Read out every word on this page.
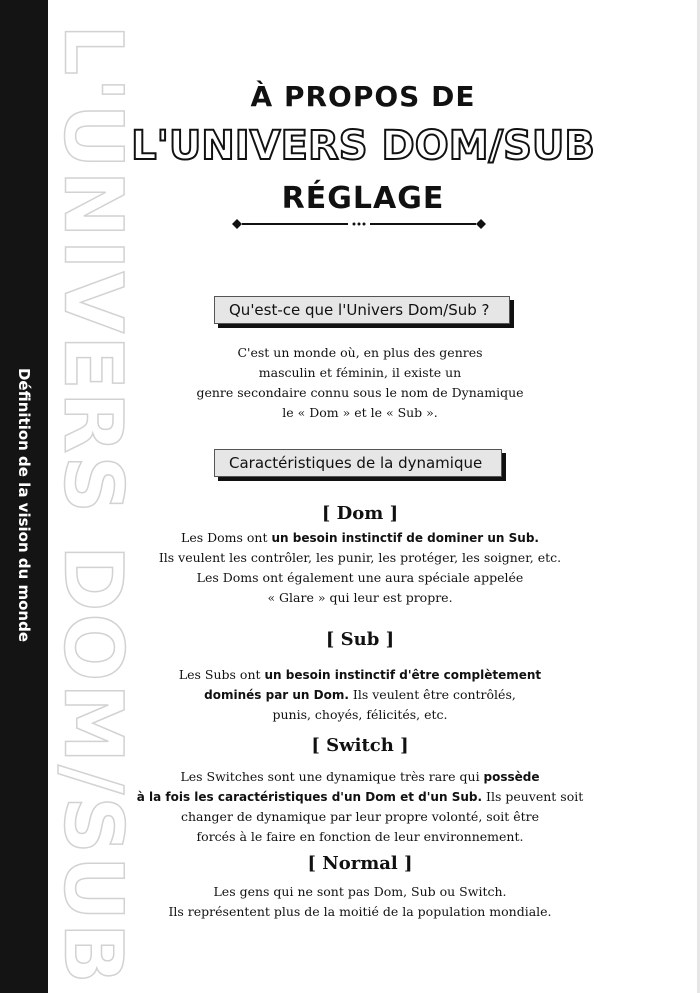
Définition de la vision du monde L'UNIVERS DOM/SUB	À PROPOS DE
L'UNIVERS DOM/SUB
RÉGLAGE
Qu'est-ce que l'Univers Dom/Sub ?
C'est un monde où, en plus des genres
masculin et féminin, il existe un
genre secondaire connu sous le nom de Dynamique
le « Dom » et le « Sub ».
Caractéristiques de la dynamique
[ Dom ]
Les Doms ont un besoin instinctif de dominer un Sub.
Ils veulent les contrôler, les punir, les protéger, les soigner, etc.
Les Doms ont également une aura spéciale appelée
« Glare » qui leur est propre.
[ Sub ]
Les Subs ont un besoin instinctif d'être complètement
dominés par un Dom. Ils veulent être contrôlés,
punis, choyés, félicités, etc.
[ Switch ]
Les Switches sont une dynamique très rare qui possède
à la fois les caractéristiques d'un Dom et d'un Sub. Ils peuvent soit
changer de dynamique par leur propre volonté, soit être
forcés à le faire en fonction de leur environnement.
[ Normal ]
Les gens qui ne sont pas Dom, Sub ou Switch.
Ils représentent plus de la moitié de la population mondiale.
